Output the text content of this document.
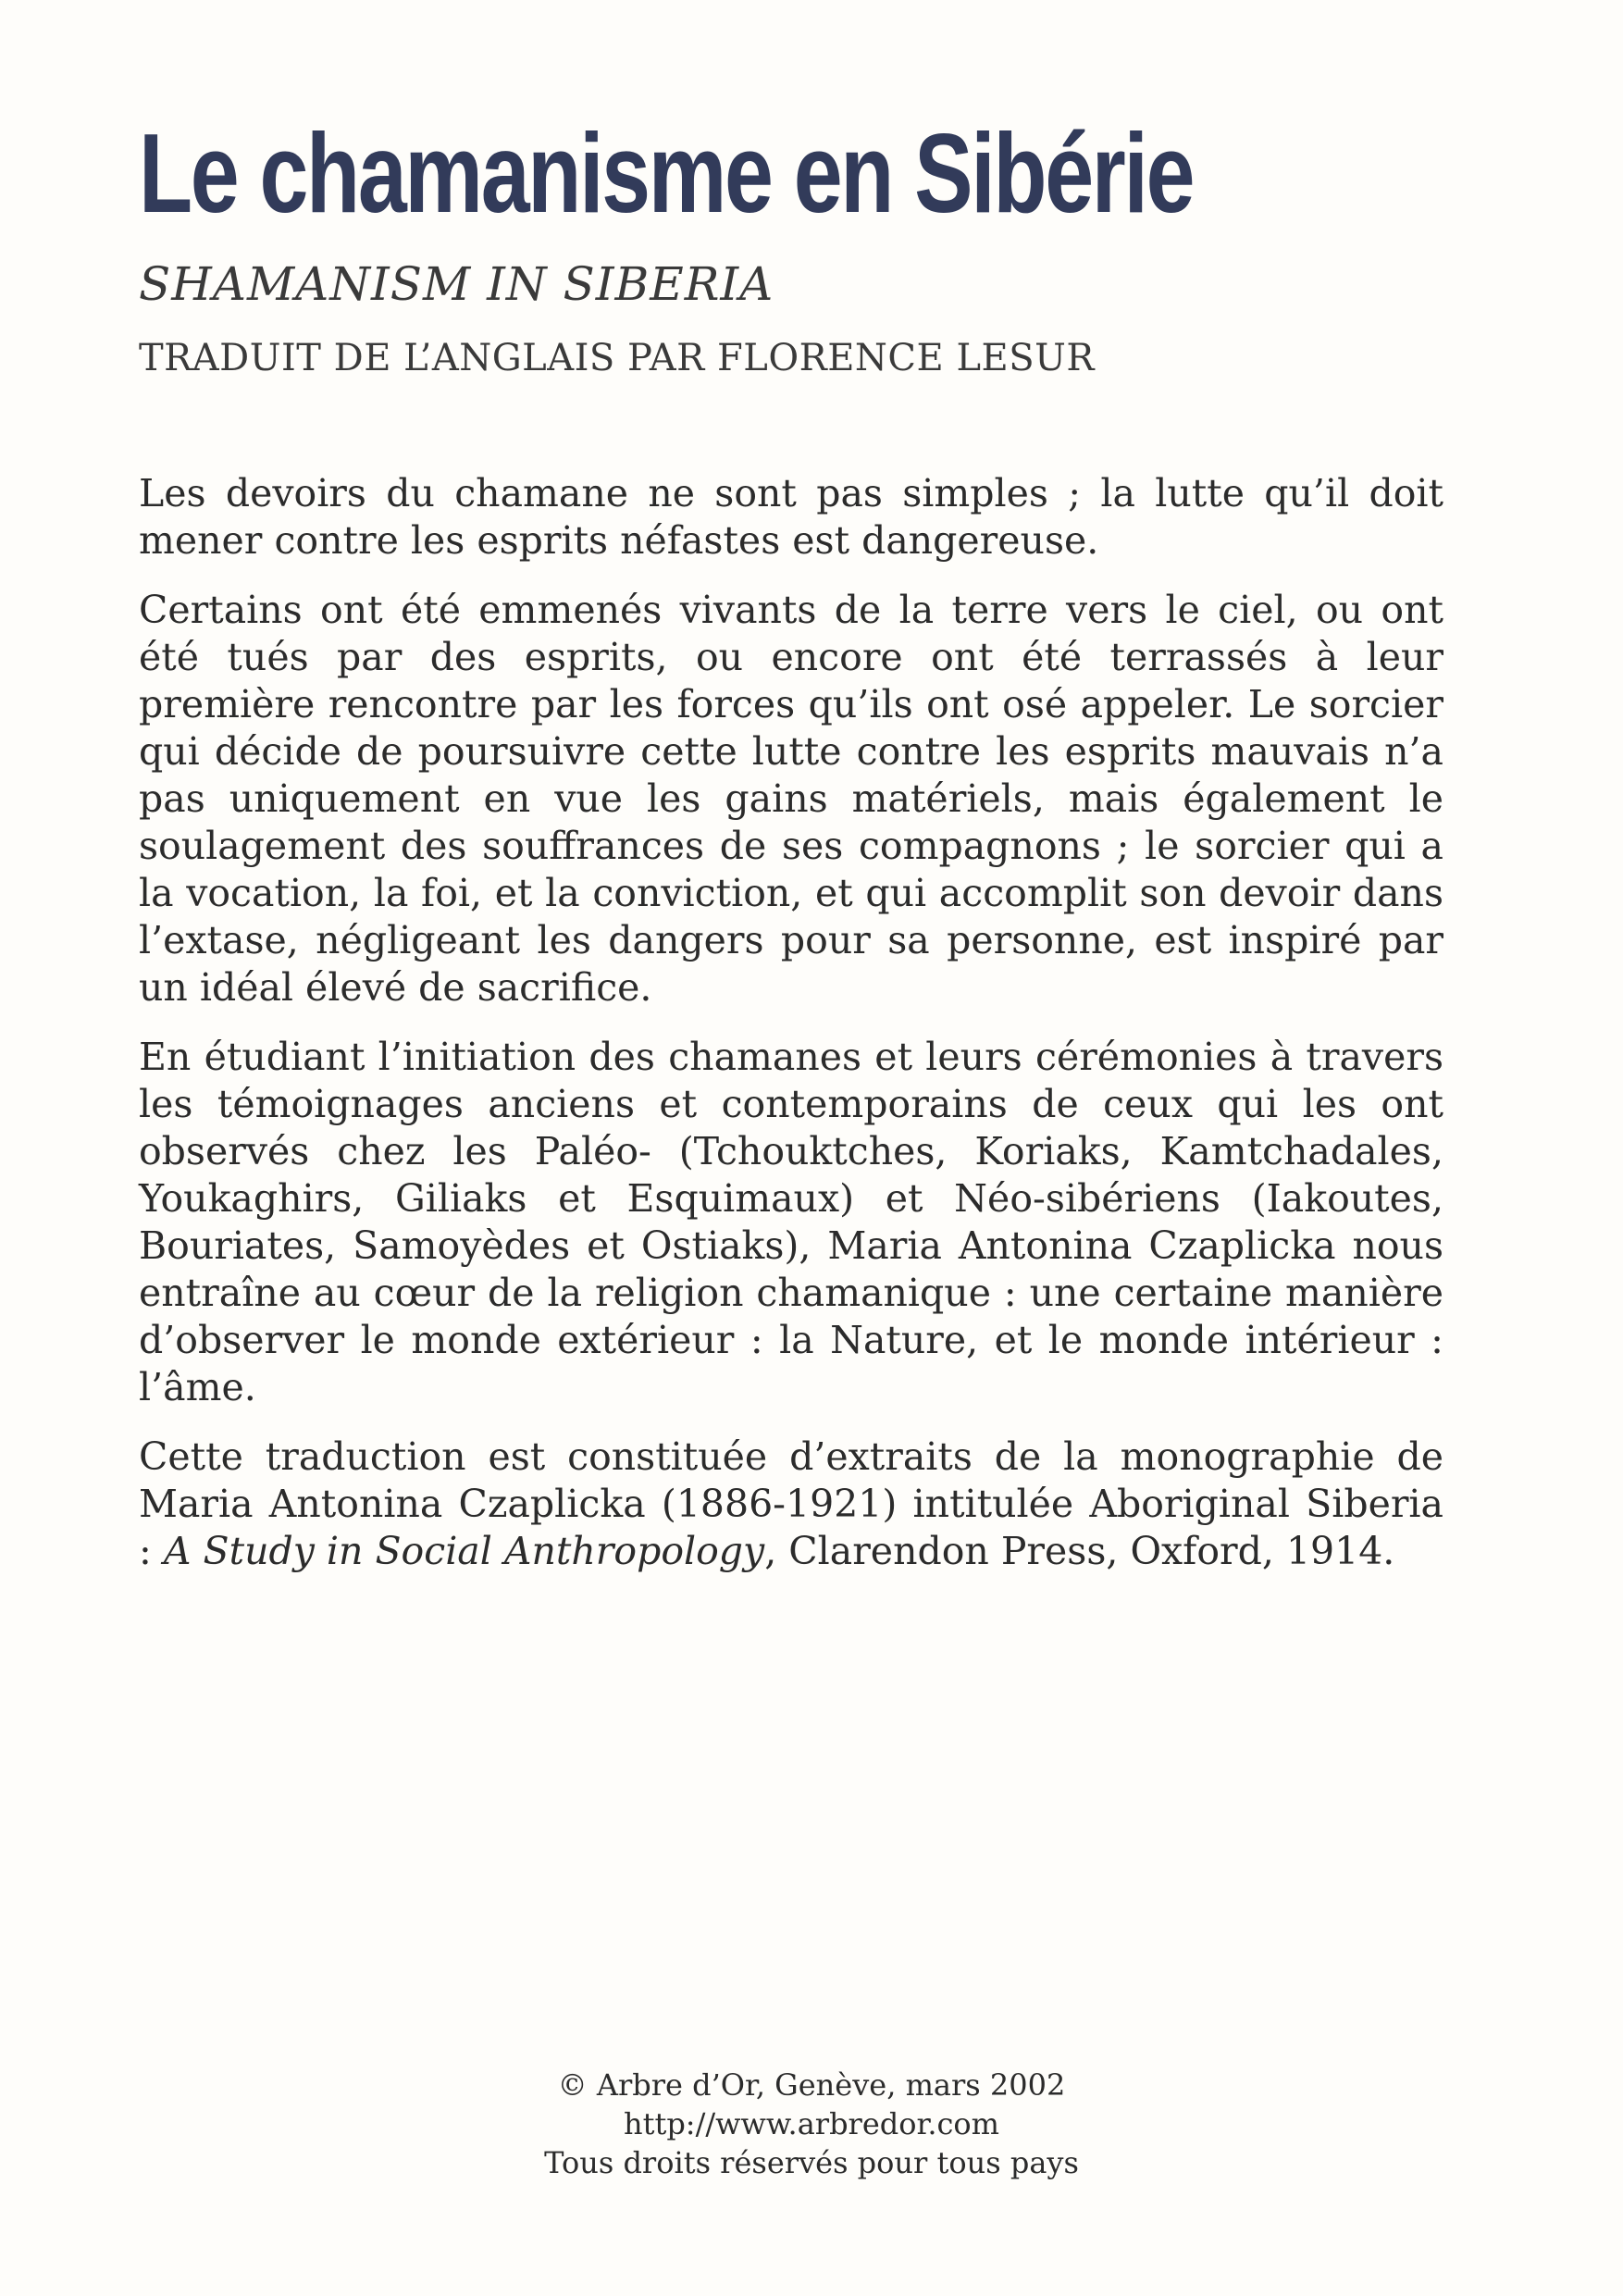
Le chamanisme en Sibérie
SHAMANISM IN SIBERIA
TRADUIT DE L’ANGLAIS PAR FLORENCE LESUR

Les devoirs du chamane ne sont pas simples ; la lutte qu’il doit mener contre les esprits néfastes est dangereuse.

Certains ont été emmenés vivants de la terre vers le ciel, ou ont été tués par des esprits, ou encore ont été terrassés à leur première rencontre par les forces qu’ils ont osé appeler. Le sorcier qui décide de poursuivre cette lutte contre les esprits mauvais n’a pas uniquement en vue les gains matériels, mais également le soulagement des souffrances de ses compagnons ; le sorcier qui a la vocation, la foi, et la conviction, et qui accomplit son devoir dans l’extase, négligeant les dangers pour sa personne, est inspiré par un idéal élevé de sacrifice.

En étudiant l’initiation des chamanes et leurs cérémonies à travers les témoignages anciens et contemporains de ceux qui les ont observés chez les Paléo- (Tchouktches, Koriaks, Kamtchadales, Youkaghirs, Giliaks et Esquimaux) et Néo-sibériens (Iakoutes, Bouriates, Samoyèdes et Ostiaks), Maria Antonina Czaplicka nous entraîne au cœur de la religion chamanique : une certaine manière d’observer le monde extérieur : la Nature, et le monde intérieur : l’âme.

Cette traduction est constituée d’extraits de la monographie de Maria Antonina Czaplicka (1886-1921) intitulée Aboriginal Siberia : A Study in Social Anthropology, Clarendon Press, Oxford, 1914.

© Arbre d’Or, Genève, mars 2002
http://www.arbredor.com
Tous droits réservés pour tous pays
